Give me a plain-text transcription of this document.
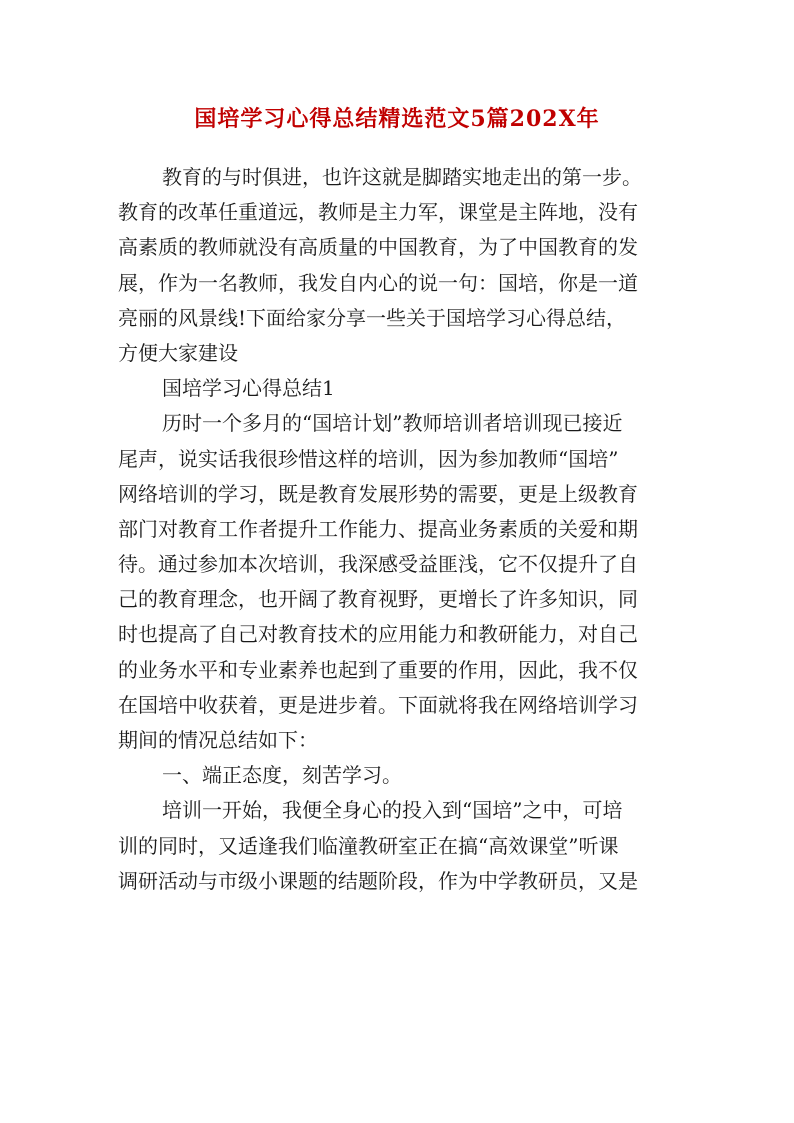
国培学习心得总结精选范文5篇202X年
教育的与时俱进，也许这就是脚踏实地走出的第一步。
教育的改革任重道远，教师是主力军，课堂是主阵地，没有
高素质的教师就没有高质量的中国教育，为了中国教育的发
展，作为一名教师，我发自内心的说一句：国培，你是一道
亮丽的风景线!下面给家分享一些关于国培学习心得总结，
方便大家建设
国培学习心得总结1
历时一个多月的“国培计划”教师培训者培训现已接近
尾声，说实话我很珍惜这样的培训，因为参加教师“国培”
网络培训的学习，既是教育发展形势的需要，更是上级教育
部门对教育工作者提升工作能力、提高业务素质的关爱和期
待。通过参加本次培训，我深感受益匪浅，它不仅提升了自
己的教育理念，也开阔了教育视野，更增长了许多知识，同
时也提高了自己对教育技术的应用能力和教研能力，对自己
的业务水平和专业素养也起到了重要的作用，因此，我不仅
在国培中收获着，更是进步着。下面就将我在网络培训学习
期间的情况总结如下：
一、端正态度，刻苦学习。
培训一开始，我便全身心的投入到“国培”之中，可培
训的同时，又适逢我们临潼教研室正在搞“高效课堂”听课
调研活动与市级小课题的结题阶段，作为中学教研员，又是
